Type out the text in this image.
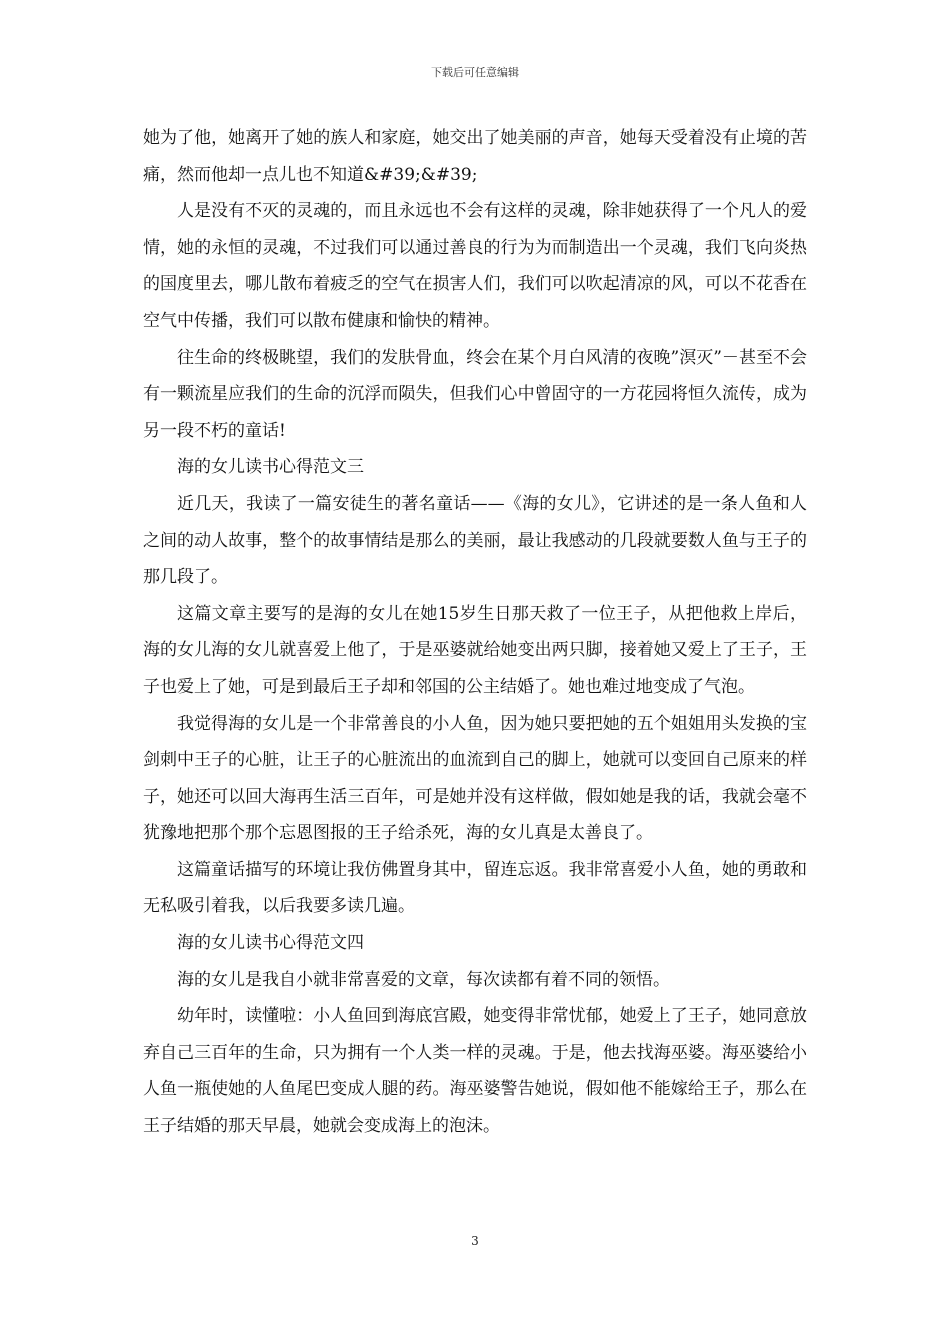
下载后可任意编辑

她为了他，她离开了她的族人和家庭，她交出了她美丽的声音，她每天受着没有止境的苦痛，然而他却一点儿也不知道&#39;&#39;

人是没有不灭的灵魂的，而且永远也不会有这样的灵魂，除非她获得了一个凡人的爱情，她的永恒的灵魂，不过我们可以通过善良的行为为而制造出一个灵魂，我们飞向炎热的国度里去，哪儿散布着疲乏的空气在损害人们，我们可以吹起清凉的风，可以不花香在空气中传播，我们可以散布健康和愉快的精神。

往生命的终极眺望，我们的发肤骨血，终会在某个月白风清的夜晚”溟灭”－甚至不会有一颗流星应我们的生命的沉浮而陨失，但我们心中曾固守的一方花园将恒久流传，成为另一段不朽的童话!

海的女儿读书心得范文三

近几天，我读了一篇安徒生的著名童话——《海的女儿》，它讲述的是一条人鱼和人之间的动人故事，整个的故事情结是那么的美丽，最让我感动的几段就要数人鱼与王子的那几段了。

这篇文章主要写的是海的女儿在她15岁生日那天救了一位王子，从把他救上岸后，海的女儿海的女儿就喜爱上他了，于是巫婆就给她变出两只脚，接着她又爱上了王子，王子也爱上了她，可是到最后王子却和邻国的公主结婚了。她也难过地变成了气泡。

我觉得海的女儿是一个非常善良的小人鱼，因为她只要把她的五个姐姐用头发换的宝剑刺中王子的心脏，让王子的心脏流出的血流到自己的脚上，她就可以变回自己原来的样子，她还可以回大海再生活三百年，可是她并没有这样做，假如她是我的话，我就会毫不犹豫地把那个那个忘恩图报的王子给杀死，海的女儿真是太善良了。

这篇童话描写的环境让我仿佛置身其中，留连忘返。我非常喜爱小人鱼，她的勇敢和无私吸引着我，以后我要多读几遍。

海的女儿读书心得范文四

海的女儿是我自小就非常喜爱的文章，每次读都有着不同的领悟。

幼年时，读懂啦：小人鱼回到海底宫殿，她变得非常忧郁，她爱上了王子，她同意放弃自己三百年的生命，只为拥有一个人类一样的灵魂。于是，他去找海巫婆。海巫婆给小人鱼一瓶使她的人鱼尾巴变成人腿的药。海巫婆警告她说，假如他不能嫁给王子，那么在王子结婚的那天早晨，她就会变成海上的泡沫。

3
